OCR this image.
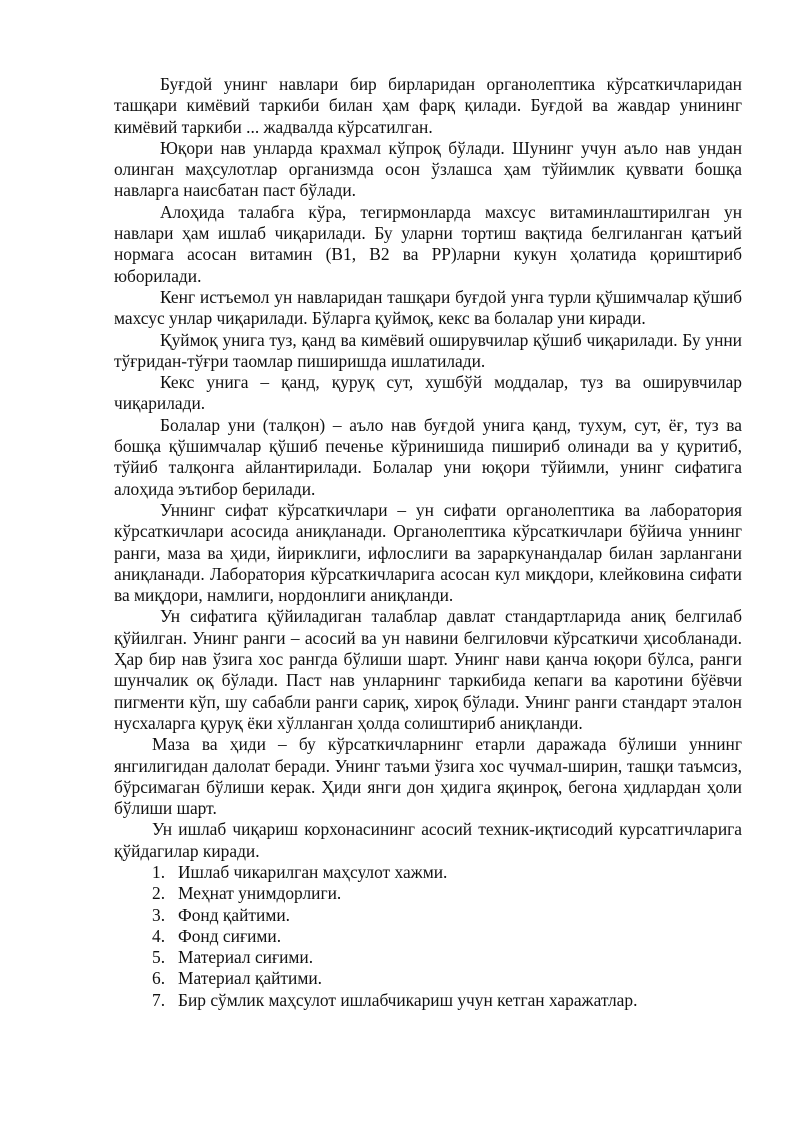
Буғдой унинг навлари бир бирларидан органолептика кўрсаткичларидан ташқари кимёвий таркиби билан ҳам фарқ қилади. Буғдой ва жавдар унининг кимёвий таркиби ... жадвалда кўрсатилган.

Юқори нав унларда крахмал кўпроқ бўлади. Шунинг учун аъло нав ундан олинган маҳсулотлар организмда осон ўзлашса ҳам тўйимлик қуввати бошқа навларга наисбатан паст бўлади.

Алоҳида талабга кўра, тегирмонларда махсус витаминлаштирилган ун навлари ҳам ишлаб чиқарилади. Бу уларни тортиш вақтида белгиланган қатъий нормага асосан витамин (B1, B2 ва PP)ларни кукун ҳолатида қориштириб юборилади.

Кенг истъемол ун навларидан ташқари буғдой унга турли қўшимчалар қўшиб махсус унлар чиқарилади. Бўларга қуймоқ, кекс ва болалар уни киради.

Қуймоқ унига туз, қанд ва кимёвий оширувчилар қўшиб чиқарилади. Бу унни тўғридан-тўғри таомлар пиширишда ишлатилади.

Кекс унига – қанд, қуруқ сут, хушбўй моддалар, туз ва оширувчилар чиқарилади.

Болалар уни (талқон) – аъло нав буғдой унига қанд, тухум, сут, ёғ, туз ва бошқа қўшимчалар қўшиб печенье кўринишида пишириб олинади ва у қуритиб, тўйиб талқонга айлантирилади. Болалар уни юқори тўйимли, унинг сифатига алоҳида эътибор берилади.

Уннинг сифат кўрсаткичлари – ун сифати органолептика ва лаборатория кўрсаткичлари асосида аниқланади. Органолептика кўрсаткичлари бўйича уннинг ранги, маза ва ҳиди, йириклиги, ифлослиги ва зараркунандалар билан зарлангани аниқланади. Лаборатория кўрсаткичларига асосан кул миқдори, клейковина сифати ва миқдори, намлиги, нордонлиги аниқланди.

Ун сифатига қўйиладиган талаблар давлат стандартларида аниқ белгилаб қўйилган. Унинг ранги – асосий ва ун навини белгиловчи кўрсаткичи ҳисобланади. Ҳар бир нав ўзига хос рангда бўлиши шарт. Унинг нави қанча юқори бўлса, ранги шунчалик оқ бўлади. Паст нав унларнинг таркибида кепаги ва каротини бўёвчи пигменти кўп, шу сабабли ранги сариқ, хироқ бўлади. Унинг ранги стандарт эталон нусхаларга қуруқ ёки хўлланган ҳолда солиштириб аниқланди.

Маза ва ҳиди – бу кўрсаткичларнинг етарли даражада бўлиши уннинг янгилигидан далолат беради. Унинг таъми ўзига хос чучмал-ширин, ташқи таъмсиз, бўрсимаган бўлиши керак. Ҳиди янги дон ҳидига яқинроқ, бегона ҳидлардан ҳоли бўлиши шарт.

Ун ишлаб чиқариш корхонасининг асосий техник-иқтисодий курсатгичларига қўйдагилар киради.

1. Ишлаб чикарилган маҳсулот хажми.
2. Меҳнат унимдорлиги.
3. Фонд қайтими.
4. Фонд сиғими.
5. Материал сиғими.
6. Материал қайтими.
7. Бир сўмлик маҳсулот ишлабчикариш учун кетган харажатлар.
